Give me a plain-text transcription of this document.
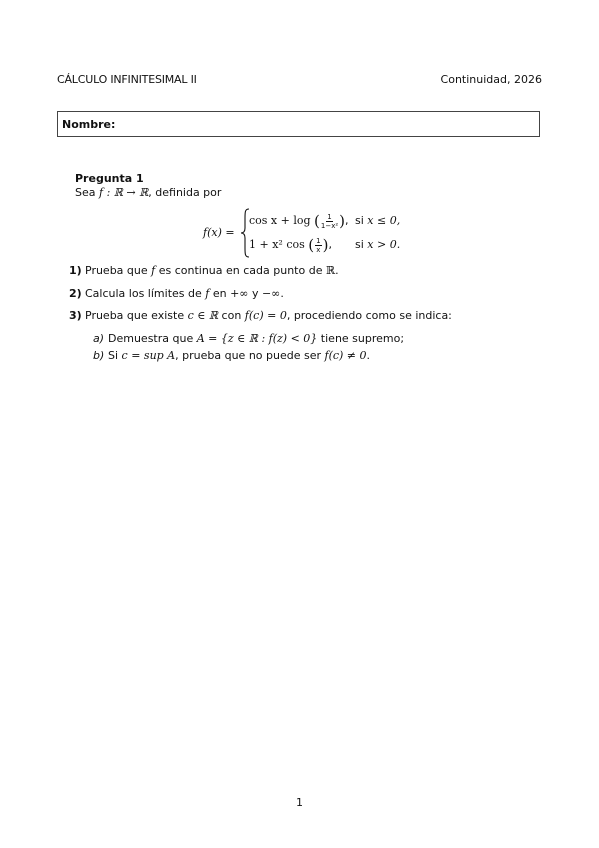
CÁLCULO INFINITESIMAL II	Continuidad, 2026
Nombre:
Pregunta 1
Sea f : ℝ → ℝ, definida por
f(x) =
cos x + log ( $\frac{1}{\text{1−x²}}$ ), si x ≤ 0,
1 + x² cos ( $\frac{1}{x}$ ), si x > 0.
1) Prueba que f es continua en cada punto de ℝ.
2) Calcula los límites de f en +∞ y −∞.
3) Prueba que existe c ∈ ℝ con f(c) = 0, procediendo como se indica:
a) Demuestra que A = {z ∈ ℝ : f(z) < 0} tiene supremo;
b) Si c = sup A, prueba que no puede ser f(c) ≠ 0.
1
